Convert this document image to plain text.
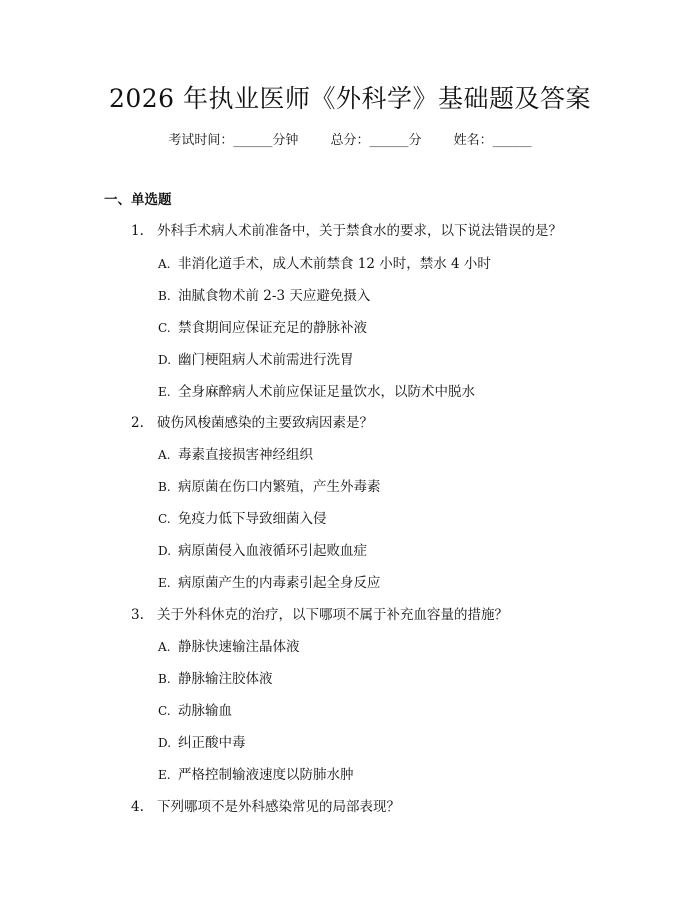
2026 年执业医师《外科学》基础题及答案
考试时间：______分钟 总分：______分 姓名：______
一、单选题
1. 外科手术病人术前准备中，关于禁食水的要求，以下说法错误的是？
A. 非消化道手术，成人术前禁食 12 小时，禁水 4 小时
B. 油腻食物术前 2-3 天应避免摄入
C. 禁食期间应保证充足的静脉补液
D. 幽门梗阻病人术前需进行洗胃
E. 全身麻醉病人术前应保证足量饮水，以防术中脱水
2. 破伤风梭菌感染的主要致病因素是？
A. 毒素直接损害神经组织
B. 病原菌在伤口内繁殖，产生外毒素
C. 免疫力低下导致细菌入侵
D. 病原菌侵入血液循环引起败血症
E. 病原菌产生的内毒素引起全身反应
3. 关于外科休克的治疗，以下哪项不属于补充血容量的措施？
A. 静脉快速输注晶体液
B. 静脉输注胶体液
C. 动脉输血
D. 纠正酸中毒
E. 严格控制输液速度以防肺水肿
4. 下列哪项不是外科感染常见的局部表现？
